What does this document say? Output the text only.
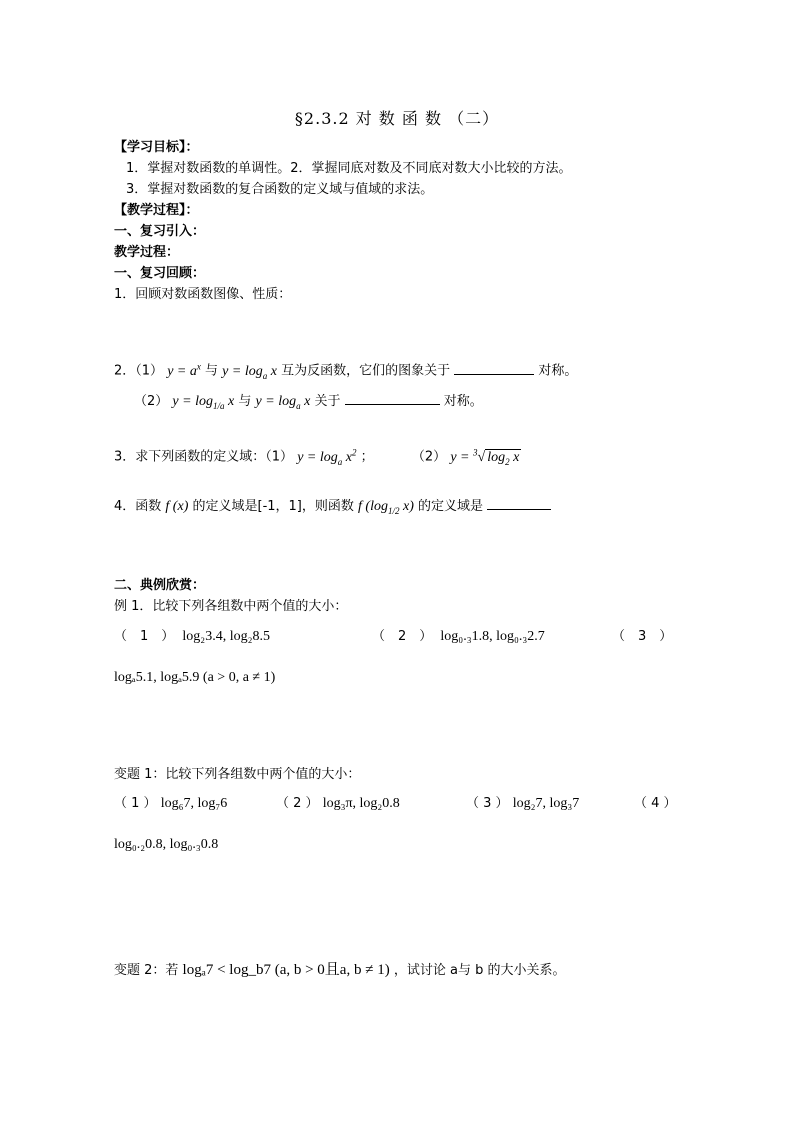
§2.3.2 对 数 函 数 （二）
【学习目标】：
1．掌握对数函数的单调性。2．掌握同底对数及不同底对数大小比较的方法。
3．掌握对数函数的复合函数的定义域与值域的求法。
【教学过程】：
一、复习引入：
教学过程：
一、复习回顾：
1．回顾对数函数图像、性质：
2．（1） $y = a^x$ 与 $y = \log_a x$ 互为反函数，它们的图象关于	对称。
（2） $y = \log_{1/a} x$ 与 $y = \log_a x$ 关于	对称。
3．求下列函数的定义域：（1） $y = \log_a x^2$ ；	（2） y = $^3$√ $\log_2 x$
4．函数 f (x) 的定义域是[-1，1]，则函数 f ($\log_{1/2}$ x) 的定义域是
二、典例欣赏：
例 1．比较下列各组数中两个值的大小：
（　1　） log₂3.4, log₂8.5	（　2　） log₀.₃1.8, log₀.₃2.7	（　3　）
logₐ5.1, logₐ5.9 (a > 0, a ≠ 1)
变题 1：比较下列各组数中两个值的大小：
（ 1 ） log₆7, log₇6	（ 2 ） log₃π, log₂0.8	（ 3 ） log₂7, log₃7	（ 4 ）
log₀.₂0.8, log₀.₃0.8
变题 2：若 logₐ7 < log_b7 (a, b > 0且a, b ≠ 1) ，试讨论 a与 b 的大小关系。
